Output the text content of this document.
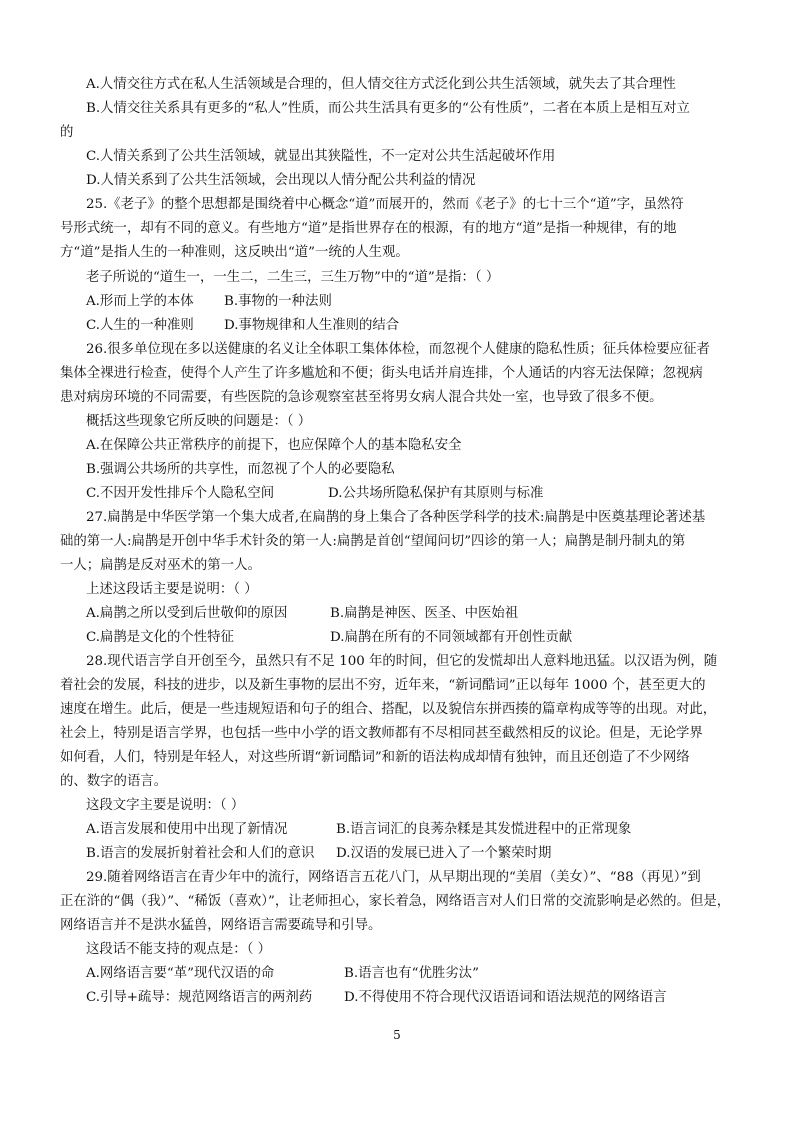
A.人情交往方式在私人生活领域是合理的，但人情交往方式泛化到公共生活领域，就失去了其合理性
B.人情交往关系具有更多的“私人”性质，而公共生活具有更多的“公有性质”，二者在本质上是相互对立
的
C.人情关系到了公共生活领域，就显出其狭隘性，不一定对公共生活起破坏作用
D.人情关系到了公共生活领域，会出现以人情分配公共利益的情况
25.《老子》的整个思想都是围绕着中心概念“道”而展开的，然而《老子》的七十三个“道”字，虽然符
号形式统一，却有不同的意义。有些地方“道”是指世界存在的根源，有的地方“道”是指一种规律，有的地
方“道”是指人生的一种准则，这反映出“道”一统的人生观。
老子所说的“道生一，一生二，二生三，三生万物”中的“道”是指：（ ）
A.形而上学的本体 B.事物的一种法则
C.人生的一种准则 D.事物规律和人生准则的结合
26.很多单位现在多以送健康的名义让全体职工集体体检，而忽视个人健康的隐私性质；征兵体检要应征者
集体全裸进行检查，使得个人产生了许多尴尬和不便；街头电话并肩连排，个人通话的内容无法保障；忽视病
患对病房环境的不同需要，有些医院的急诊观察室甚至将男女病人混合共处一室，也导致了很多不便。
概括这些现象它所反映的问题是：（ ）
A.在保障公共正常秩序的前提下，也应保障个人的基本隐私安全
B.强调公共场所的共享性，而忽视了个人的必要隐私
C.不因开发性排斥个人隐私空间	D.公共场所隐私保护有其原则与标准
27.扁鹊是中华医学第一个集大成者,在扁鹊的身上集合了各种医学科学的技术:扁鹊是中医奠基理论著述基
础的第一人:扁鹊是开创中华手术针灸的第一人:扁鹊是首创“望闻问切”四诊的第一人；扁鹊是制丹制丸的第
一人；扁鹊是反对巫术的第一人。
上述这段话主要是说明：（ ）
A.扁鹊之所以受到后世敬仰的原因	B.扁鹊是神医、医圣、中医始祖
C.扁鹊是文化的个性特征	D.扁鹊在所有的不同领域都有开创性贡献
28.现代语言学自开创至今，虽然只有不足 100 年的时间，但它的发慌却出人意料地迅猛。以汉语为例，随
着社会的发展，科技的进步，以及新生事物的层出不穷，近年来，“新词酷词”正以每年 1000 个，甚至更大的
速度在增生。此后，便是一些违规短语和句子的组合、搭配，以及貌信东拼西揍的篇章构成等等的出现。对此，
社会上，特别是语言学界，也包括一些中小学的语文教师都有不尽相同甚至截然相反的议论。但是，无论学界
如何看，人们，特别是年轻人，对这些所谓“新词酷词”和新的语法构成却情有独钟，而且还创造了不少网络
的、数字的语言。
这段文字主要是说明：（ ）
A.语言发展和使用中出现了新情况	B.语言词汇的良莠杂糅是其发慌进程中的正常现象
B.语言的发展折射着社会和人们的意识 D.汉语的发展已进入了一个繁荣时期
29.随着网络语言在青少年中的流行，网络语言五花八门，从早期出现的“美眉（美女）”、“88（再见）”到
正在浒的“偶（我）”、“稀饭（喜欢）”，让老师担心，家长着急，网络语言对人们日常的交流影响是必然的。但是，
网络语言并不是洪水猛兽，网络语言需要疏导和引导。
这段话不能支持的观点是：（ ）
A.网络语言要“革”现代汉语的命	B.语言也有“优胜劣汰”
C.引导+疏导：规范网络语言的两剂药 D.不得使用不符合现代汉语语词和语法规范的网络语言
5
